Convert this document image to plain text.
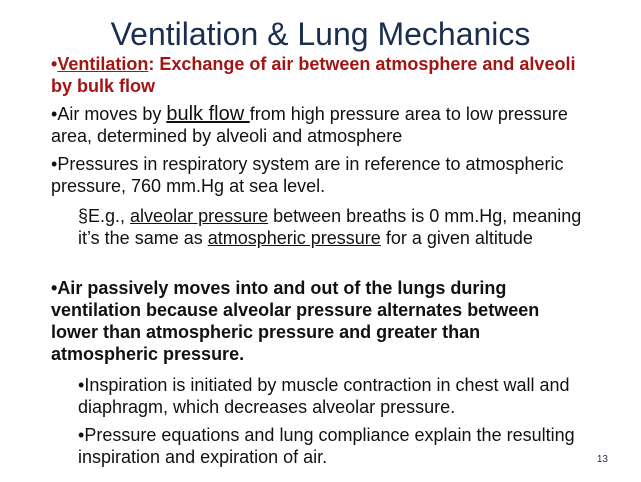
Ventilation & Lung Mechanics
•Ventilation: Exchange of air between atmosphere and alveoli by bulk flow
•Air moves by bulk flow from high pressure area to low pressure area, determined by alveoli and atmosphere
•Pressures in respiratory system are in reference to atmospheric pressure, 760 mm.Hg at sea level.
§E.g., alveolar pressure between breaths is 0 mm.Hg, meaning it’s the same as atmospheric pressure for a given altitude
•Air passively moves into and out of the lungs during ventilation because alveolar pressure alternates between lower than atmospheric pressure and greater than atmospheric pressure.
•Inspiration is initiated by muscle contraction in chest wall and diaphragm, which decreases alveolar pressure.
•Pressure equations and lung compliance explain the resulting inspiration and expiration of air.	13
